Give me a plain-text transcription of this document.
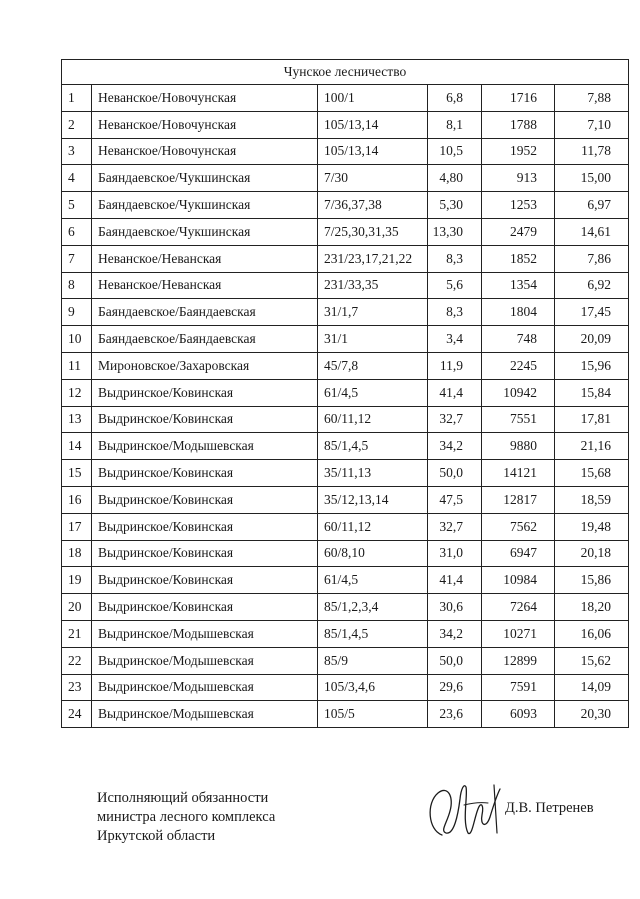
Чунское лесничество					
1	Неванское/Новочунская	100/1	6,8	1716	7,88
2	Неванское/Новочунская	105/13,14	8,1	1788	7,10
3	Неванское/Новочунская	105/13,14	10,5	1952	11,78
4	Баяндаевское/Чукшинская	7/30	4,80	913	15,00
5	Баяндаевское/Чукшинская	7/36,37,38	5,30	1253	6,97
6	Баяндаевское/Чукшинская	7/25,30,31,35	13,30	2479	14,61
7	Неванское/Неванская	231/23,17,21,22	8,3	1852	7,86
8	Неванское/Неванская	231/33,35	5,6	1354	6,92
9	Баяндаевское/Баяндаевская	31/1,7	8,3	1804	17,45
10	Баяндаевское/Баяндаевская	31/1	3,4	748	20,09
11	Мироновское/Захаровская	45/7,8	11,9	2245	15,96
12	Выдринское/Ковинская	61/4,5	41,4	10942	15,84
13	Выдринское/Ковинская	60/11,12	32,7	7551	17,81
14	Выдринское/Модышевская	85/1,4,5	34,2	9880	21,16
15	Выдринское/Ковинская	35/11,13	50,0	14121	15,68
16	Выдринское/Ковинская	35/12,13,14	47,5	12817	18,59
17	Выдринское/Ковинская	60/11,12	32,7	7562	19,48
18	Выдринское/Ковинская	60/8,10	31,0	6947	20,18
19	Выдринское/Ковинская	61/4,5	41,4	10984	15,86
20	Выдринское/Ковинская	85/1,2,3,4	30,6	7264	18,20
21	Выдринское/Модышевская	85/1,4,5	34,2	10271	16,06
22	Выдринское/Модышевская	85/9	50,0	12899	15,62
23	Выдринское/Модышевская	105/3,4,6	29,6	7591	14,09
24	Выдринское/Модышевская	105/5	23,6	6093	20,30
Исполняющий обязанности
министра лесного комплекса
Иркутской области
Д.В. Петренев
